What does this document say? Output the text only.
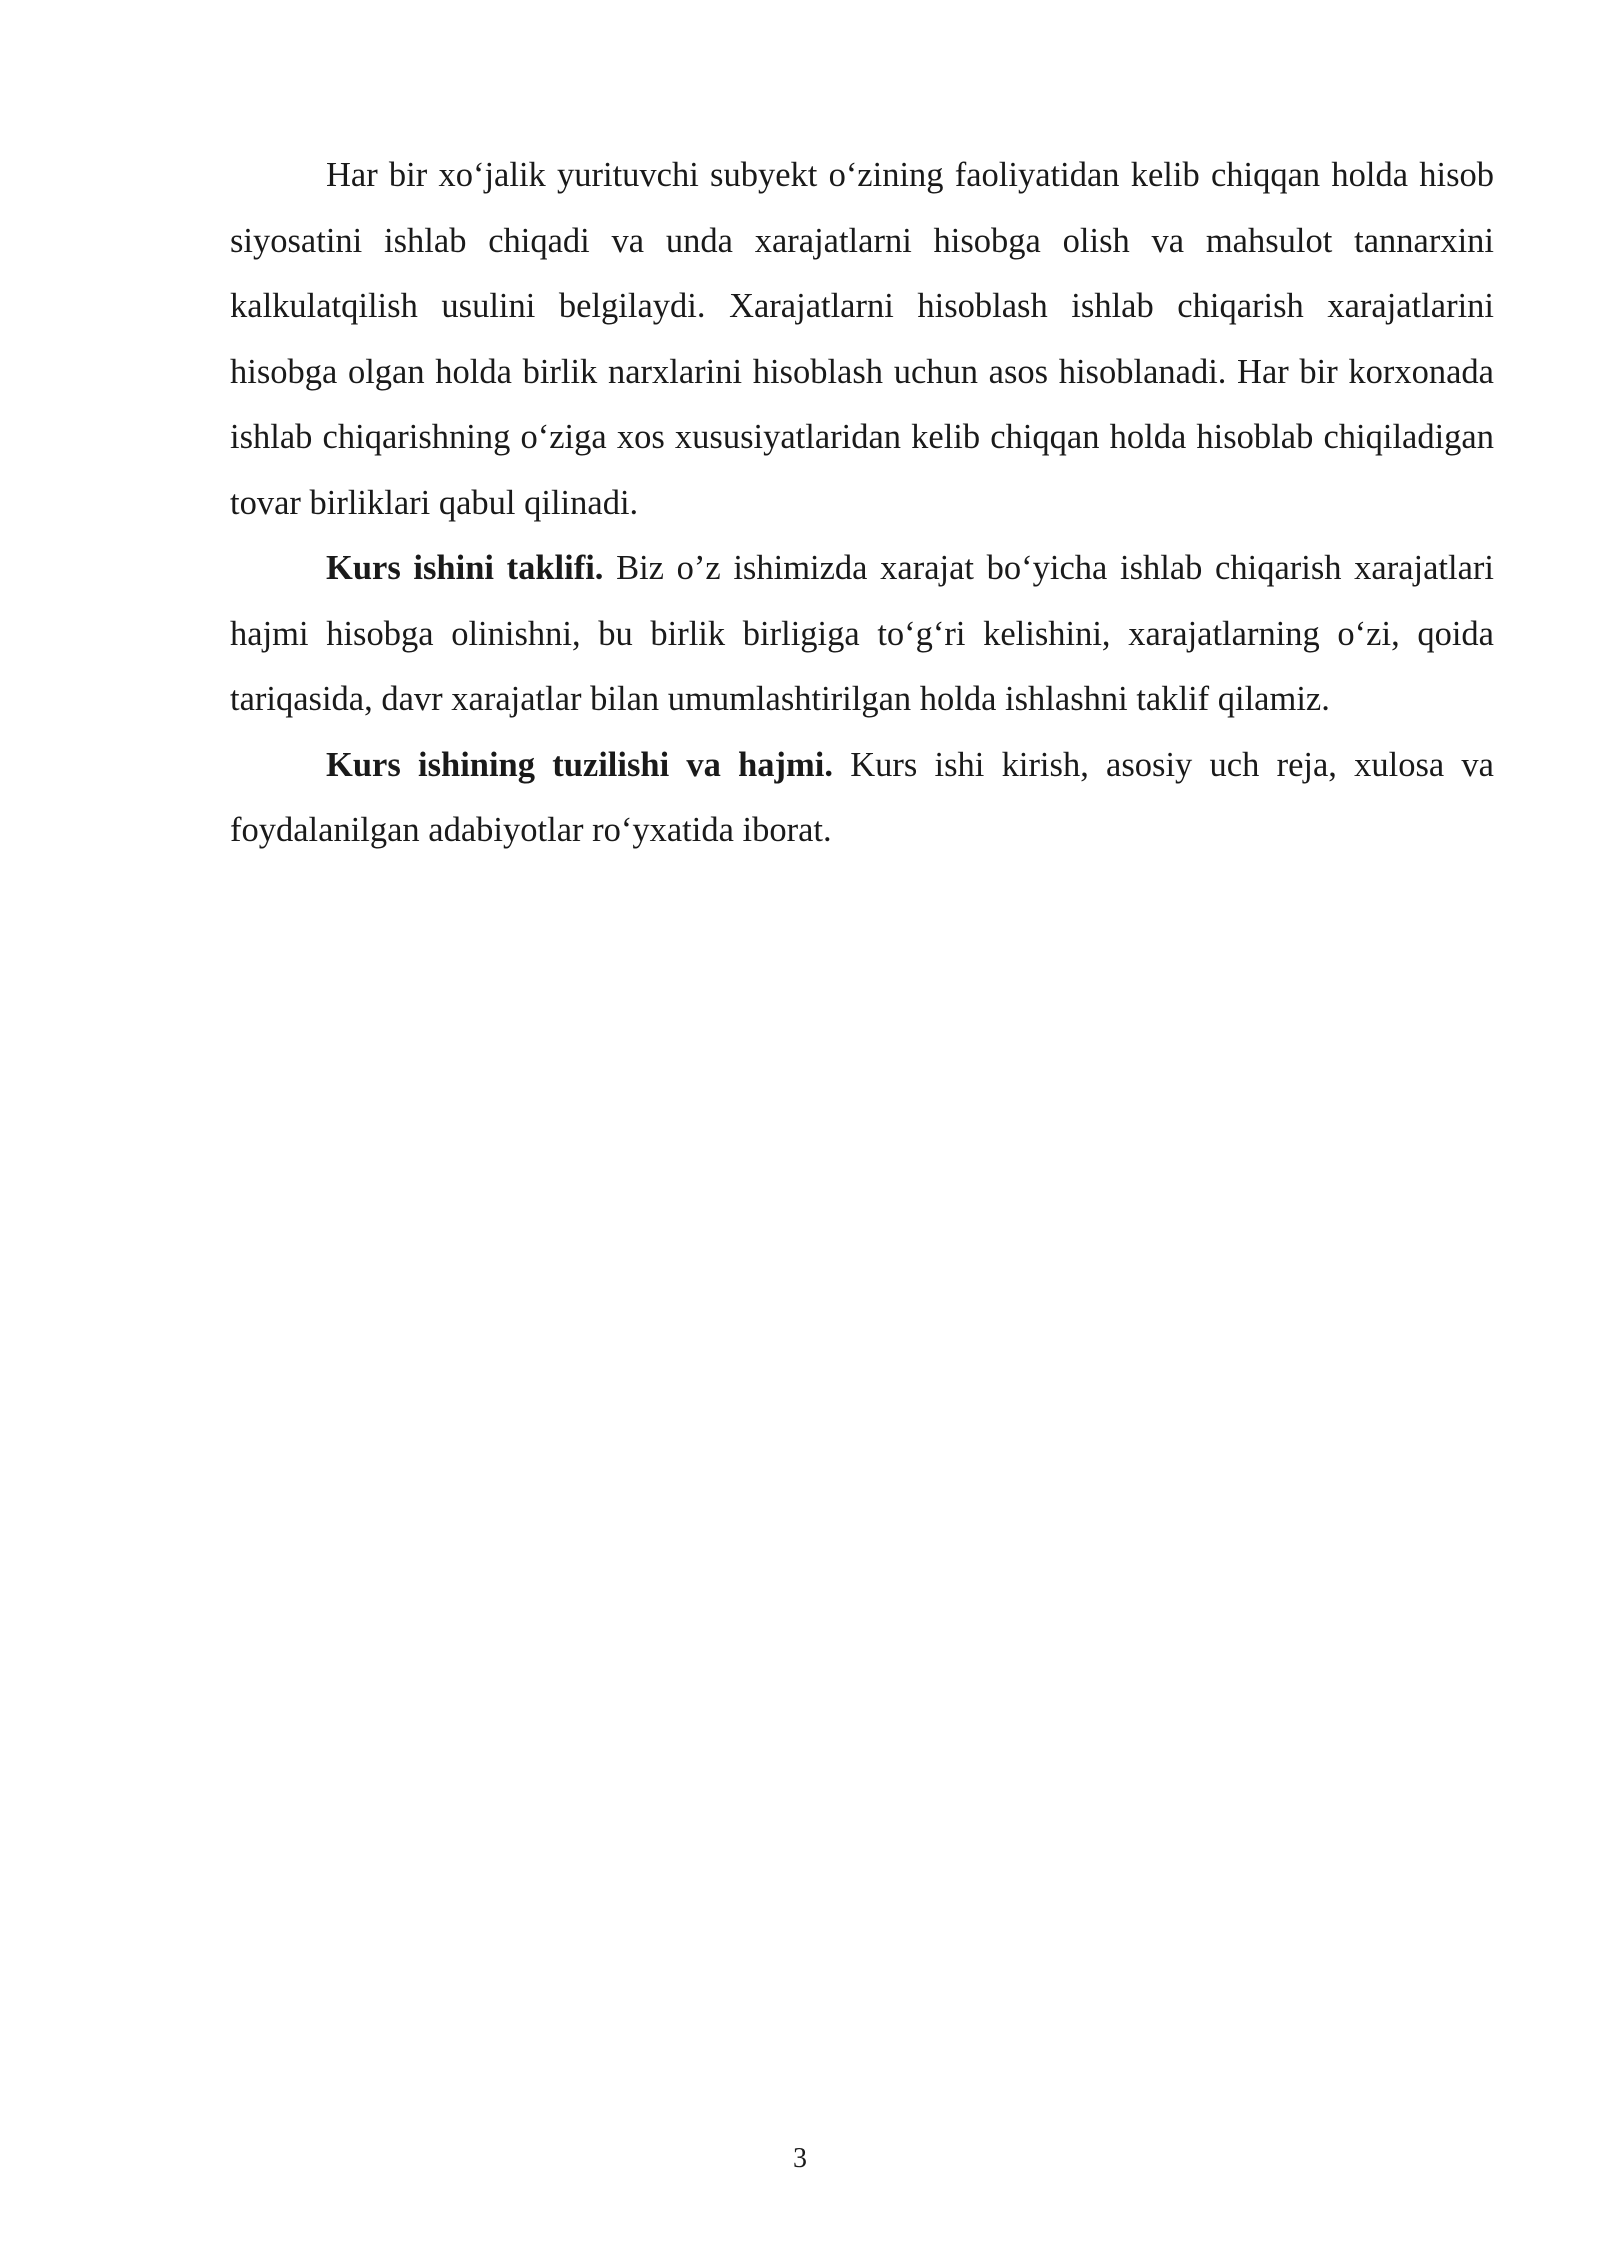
Har bir xo‘jalik yurituvchi subyekt o‘zining faoliyatidan kelib chiqqan holda hisob siyosatini ishlab chiqadi va unda xarajatlarni hisobga olish va mahsulot tannarxini kalkulatqilish usulini belgilaydi. Xarajatlarni hisoblash ishlab chiqarish xarajatlarini hisobga olgan holda birlik narxlarini hisoblash uchun asos hisoblanadi. Har bir korxonada ishlab chiqarishning o‘ziga xos xususiyatlaridan kelib chiqqan holda hisoblab chiqiladigan tovar birliklari qabul qilinadi.

Kurs ishini taklifi. Biz o’z ishimizda xarajat bo‘yicha ishlab chiqarish xarajatlari hajmi hisobga olinishni, bu birlik birligiga to‘g‘ri kelishini, xarajatlarning o‘zi, qoida tariqasida, davr xarajatlar bilan umumlashtirilgan holda ishlashni taklif qilamiz.

Kurs ishining tuzilishi va hajmi. Kurs ishi kirish, asosiy uch reja, xulosa va foydalanilgan adabiyotlar ro‘yxatida iborat.

3
